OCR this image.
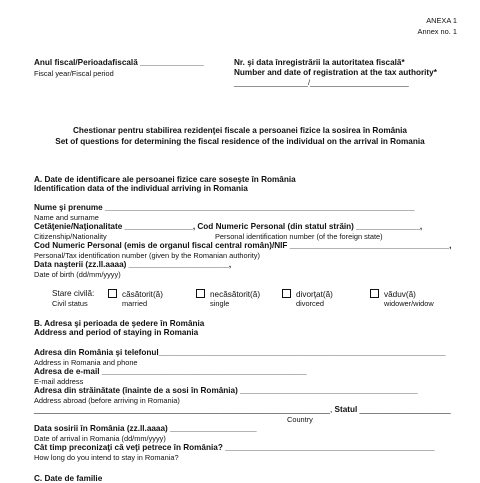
ANEXA 1
Annex no. 1
Anul fiscal/Perioadafiscală ______________
Fiscal year/Fiscal period
Nr. şi data înregistrării la autoritatea fiscală*
Number and date of registration at the tax authority*
__________________/________________________
Chestionar pentru stabilirea rezidenţei fiscale a persoanei fizice la sosirea în România
Set of questions for determining the fiscal residence of the individual on the arrival in Romania
A. Date de identificare ale persoanei fizice care soseşte în România
Identification data of the individual arriving in Romania
Nume şi prenume ____________________________________________________________________
Name and surname
Cetăţenie/Naţionalitate _______________, Cod Numeric Personal (din statul străin) ______________,
Citizenship/Nationality	Personal identification number (of the foreign state)
Cod Numeric Personal (emis de organul fiscal central român)/NIF ___________________________________,
Personal/Tax identification number (given by the Romanian authority)
Data naşterii (zz.ll.aaaa) ______________________,
Date of birth (dd/mm/yyyy)
Stare civilă:
Civil status
căsătorit(ă)
married
necăsătorit(ă)
single
divorţat(ă)
divorced
văduv(ă)
widower/widow
B. Adresa şi perioada de şedere în România
Address and period of staying in Romania
Adresa din România şi telefonul_______________________________________________________________
Address in Romania and phone
Adresa de e-mail _____________________________________________
E-mail address
Adresa din străinătate (înainte de a sosi în România) _______________________________________
Address abroad (before arriving in Romania)
_________________________________________________________________, Statul ____________________
Country
Data sosirii în România (zz.ll.aaaa) ___________________
Date of arrival in Romania (dd/mm/yyyy)
Cât timp preconizaţi că veţi petrece în România? ______________________________________________
How long do you intend to stay in Romania?
C. Date de familie
